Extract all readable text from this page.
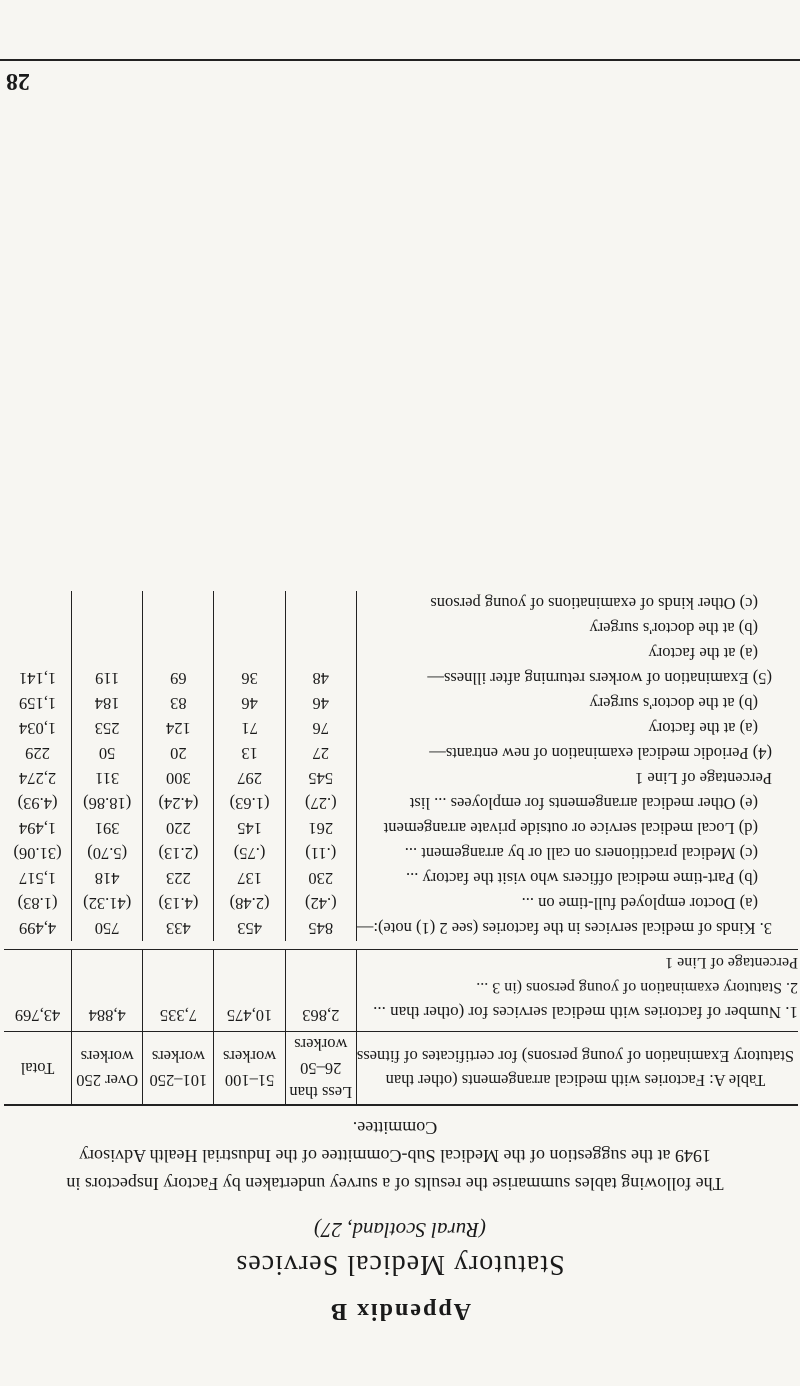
Appendix B
Statutory Medical Services
(Rural Scotland, 27)
The following tables summarise the results of a survey undertaken by Factory Inspectors in 1949 at the suggestion of the Medical Sub-Committee of the Industrial Health Advisory Committee.
Table A: Factories with medical arrangements (other than Statutory Examination of young persons) for certificates of fitness	Less than 26–50 workers	51–100 workers	101–250 workers	Over 250 workers	Total
1. Number of factories with medical services for (other than ...	2,863	10,475	7,335	4,884	43,769
2. Statutory examination of young persons (in 3 ...					
Percentage of Line 1					

3. Kinds of medical services in the factories (see 2 (1) note):—	845	453	433	750	4,499
(a) Doctor employed full-time on ...	(.42)	(2.48)	(4.13)	(41.32)	(1.83)
(b) Part-time medical officers who visit the factory ...	230	137	223	418	1,517
(c) Medical practitioners on call or by arrangement ...	(.11)	(.75)	(2.13)	(5.70)	(31.06)
(d) Local medical service or outside private arrangement	261	145	220	391	1,494
(e) Other medical arrangements for employees ... list	(.27)	(1.63)	(4.24)	(18.86)	(4.93)
Percentage of Line 1	545	297	300	311	2,274
(4) Periodic medical examination of new entrants—	27	13	20	50	229
(a) at the factory	76	71	124	253	1,034
(b) at the doctor's surgery	46	46	83	184	1,159
(5) Examination of workers returning after illness—	48	36	69	119	1,141
(a) at the factory					
(b) at the doctor's surgery					
(c) Other kinds of examinations of young persons					
28
